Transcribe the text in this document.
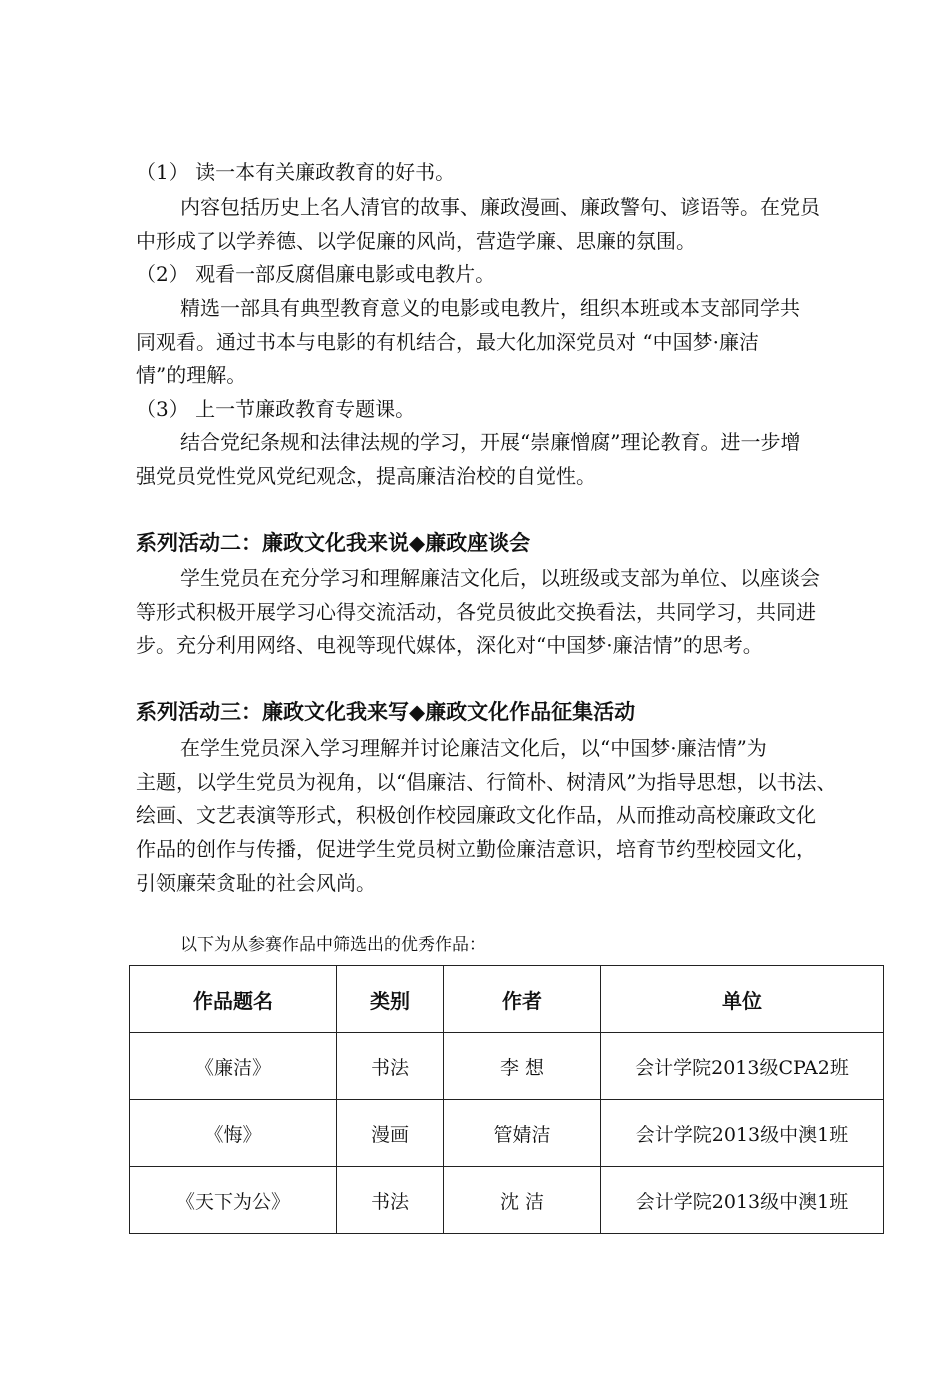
（1） 读一本有关廉政教育的好书。
内容包括历史上名人清官的故事、廉政漫画、廉政警句、谚语等。在党员
中形成了以学养德、以学促廉的风尚，营造学廉、思廉的氛围。
（2） 观看一部反腐倡廉电影或电教片。
精选一部具有典型教育意义的电影或电教片，组织本班或本支部同学共
同观看。通过书本与电影的有机结合，最大化加深党员对 “中国梦·廉洁
情”的理解。
（3） 上一节廉政教育专题课。
结合党纪条规和法律法规的学习，开展“崇廉憎腐”理论教育。进一步增
强党员党性党风党纪观念，提高廉洁治校的自觉性。
系列活动二：廉政文化我来说◆廉政座谈会
学生党员在充分学习和理解廉洁文化后，以班级或支部为单位、以座谈会
等形式积极开展学习心得交流活动，各党员彼此交换看法，共同学习，共同进
步。充分利用网络、电视等现代媒体，深化对“中国梦·廉洁情”的思考。
系列活动三：廉政文化我来写◆廉政文化作品征集活动
在学生党员深入学习理解并讨论廉洁文化后，以“中国梦·廉洁情”为
主题，以学生党员为视角，以“倡廉洁、行简朴、树清风”为指导思想，以书法、
绘画、文艺表演等形式，积极创作校园廉政文化作品，从而推动高校廉政文化
作品的创作与传播，促进学生党员树立勤俭廉洁意识，培育节约型校园文化，
引领廉荣贪耻的社会风尚。
以下为从参赛作品中筛选出的优秀作品：
作品题名	类别	作者	单位
《廉洁》	书法	李 想	会计学院2013级CPA2班
《悔》	漫画	管婧洁	会计学院2013级中澳1班
《天下为公》	书法	沈 洁	会计学院2013级中澳1班
